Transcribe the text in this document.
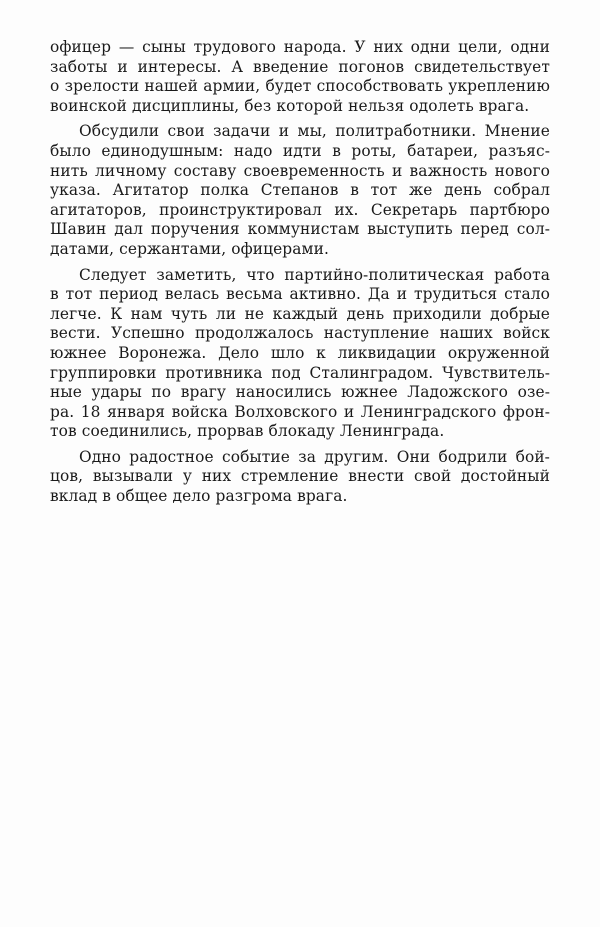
офицер — сыны трудового народа. У них одни цели, одни
заботы и интересы. А введение погонов свидетельствует
о зрелости нашей армии, будет способствовать укреплению
воинской дисциплины, без которой нельзя одолеть врага.
Обсудили свои задачи и мы, политработники. Мнение
было единодушным: надо идти в роты, батареи, разъяс-
нить личному составу своевременность и важность нового
указа. Агитатор полка Степанов в тот же день собрал
агитаторов, проинструктировал их. Секретарь партбюро
Шавин дал поручения коммунистам выступить перед сол-
датами, сержантами, офицерами.
Следует заметить, что партийно-политическая работа
в тот период велась весьма активно. Да и трудиться стало
легче. К нам чуть ли не каждый день приходили добрые
вести. Успешно продолжалось наступление наших войск
южнее Воронежа. Дело шло к ликвидации окруженной
группировки противника под Сталинградом. Чувствитель-
ные удары по врагу наносились южнее Ладожского озе-
ра. 18 января войска Волховского и Ленинградского фрон-
тов соединились, прорвав блокаду Ленинграда.
Одно радостное событие за другим. Они бодрили бой-
цов, вызывали у них стремление внести свой достойный
вклад в общее дело разгрома врага.
